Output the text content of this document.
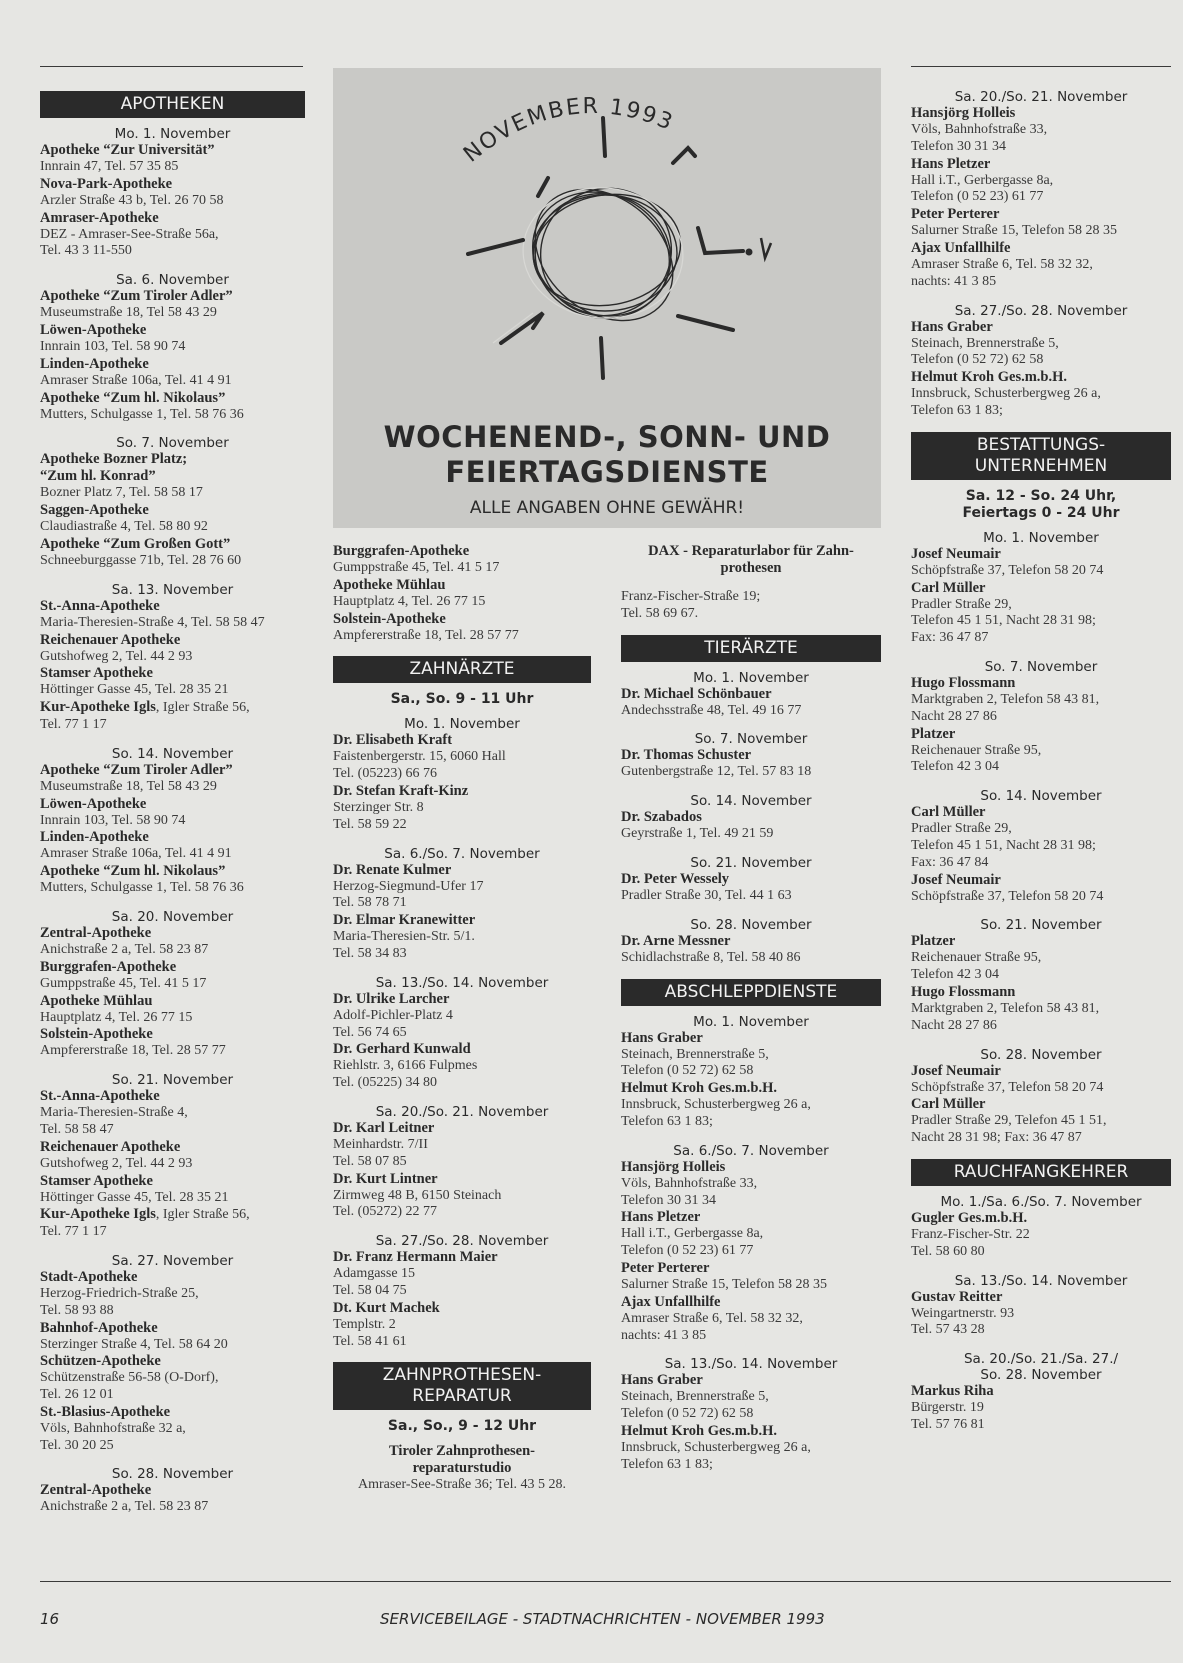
NOVEMBER 1993
WOCHENEND-, SONN- UND FEIERTAGSDIENSTE
ALLE ANGABEN OHNE GEWÄHR!
APOTHEKEN
Mo. 1. November
Apotheke “Zur Universität”
Innrain 47, Tel. 57 35 85
Nova-Park-Apotheke
Arzler Straße 43 b, Tel. 26 70 58
Amraser-Apotheke
DEZ - Amraser-See-Straße 56a,
Tel. 43 3 11-550
Sa. 6. November
Apotheke “Zum Tiroler Adler”
Museumstraße 18, Tel 58 43 29
Löwen-Apotheke
Innrain 103, Tel. 58 90 74
Linden-Apotheke
Amraser Straße 106a, Tel. 41 4 91
Apotheke “Zum hl. Nikolaus”
Mutters, Schulgasse 1, Tel. 58 76 36
So. 7. November
Apotheke Bozner Platz;
“Zum hl. Konrad”
Bozner Platz 7, Tel. 58 58 17
Saggen-Apotheke
Claudiastraße 4, Tel. 58 80 92
Apotheke “Zum Großen Gott”
Schneeburggasse 71b, Tel. 28 76 60
Sa. 13. November
St.-Anna-Apotheke
Maria-Theresien-Straße 4, Tel. 58 58 47
Reichenauer Apotheke
Gutshofweg 2, Tel. 44 2 93
Stamser Apotheke
Höttinger Gasse 45, Tel. 28 35 21
Kur-Apotheke Igls, Igler Straße 56,
Tel. 77 1 17
So. 14. November
Apotheke “Zum Tiroler Adler”
Museumstraße 18, Tel 58 43 29
Löwen-Apotheke
Innrain 103, Tel. 58 90 74
Linden-Apotheke
Amraser Straße 106a, Tel. 41 4 91
Apotheke “Zum hl. Nikolaus”
Mutters, Schulgasse 1, Tel. 58 76 36
Sa. 20. November
Zentral-Apotheke
Anichstraße 2 a, Tel. 58 23 87
Burggrafen-Apotheke
Gumppstraße 45, Tel. 41 5 17
Apotheke Mühlau
Hauptplatz 4, Tel. 26 77 15
Solstein-Apotheke
Ampfererstraße 18, Tel. 28 57 77
So. 21. November
St.-Anna-Apotheke
Maria-Theresien-Straße 4,
Tel. 58 58 47
Reichenauer Apotheke
Gutshofweg 2, Tel. 44 2 93
Stamser Apotheke
Höttinger Gasse 45, Tel. 28 35 21
Kur-Apotheke Igls, Igler Straße 56,
Tel. 77 1 17
Sa. 27. November
Stadt-Apotheke
Herzog-Friedrich-Straße 25,
Tel. 58 93 88
Bahnhof-Apotheke
Sterzinger Straße 4, Tel. 58 64 20
Schützen-Apotheke
Schützenstraße 56-58 (O-Dorf),
Tel. 26 12 01
St.-Blasius-Apotheke
Völs, Bahnhofstraße 32 a,
Tel. 30 20 25
So. 28. November
Zentral-Apotheke
Anichstraße 2 a, Tel. 58 23 87
Burggrafen-Apotheke
Gumppstraße 45, Tel. 41 5 17
Apotheke Mühlau
Hauptplatz 4, Tel. 26 77 15
Solstein-Apotheke
Ampfererstraße 18, Tel. 28 57 77
ZAHNÄRZTE
Sa., So. 9 - 11 Uhr
Mo. 1. November
Dr. Elisabeth Kraft
Faistenbergerstr. 15, 6060 Hall
Tel. (05223) 66 76
Dr. Stefan Kraft-Kinz
Sterzinger Str. 8
Tel. 58 59 22
Sa. 6./So. 7. November
Dr. Renate Kulmer
Herzog-Siegmund-Ufer 17
Tel. 58 78 71
Dr. Elmar Kranewitter
Maria-Theresien-Str. 5/1.
Tel. 58 34 83
Sa. 13./So. 14. November
Dr. Ulrike Larcher
Adolf-Pichler-Platz 4
Tel. 56 74 65
Dr. Gerhard Kunwald
Riehlstr. 3, 6166 Fulpmes
Tel. (05225) 34 80
Sa. 20./So. 21. November
Dr. Karl Leitner
Meinhardstr. 7/II
Tel. 58 07 85
Dr. Kurt Lintner
Zirmweg 48 B, 6150 Steinach
Tel. (05272) 22 77
Sa. 27./So. 28. November
Dr. Franz Hermann Maier
Adamgasse 15
Tel. 58 04 75
Dt. Kurt Machek
Templstr. 2
Tel. 58 41 61
ZAHNPROTHESEN-
REPARATUR
Sa., So., 9 - 12 Uhr
Tiroler Zahnprothesen-
reparaturstudio
Amraser-See-Straße 36; Tel. 43 5 28.
DAX - Reparaturlabor für Zahn-
prothesen
Franz-Fischer-Straße 19;
Tel. 58 69 67.
TIERÄRZTE
Mo. 1. November
Dr. Michael Schönbauer
Andechsstraße 48, Tel. 49 16 77
So. 7. November
Dr. Thomas Schuster
Gutenbergstraße 12, Tel. 57 83 18
So. 14. November
Dr. Szabados
Geyrstraße 1, Tel. 49 21 59
So. 21. November
Dr. Peter Wessely
Pradler Straße 30, Tel. 44 1 63
So. 28. November
Dr. Arne Messner
Schidlachstraße 8, Tel. 58 40 86
ABSCHLEPPDIENSTE
Mo. 1. November
Hans Graber
Steinach, Brennerstraße 5,
Telefon (0 52 72) 62 58
Helmut Kroh Ges.m.b.H.
Innsbruck, Schusterbergweg 26 a,
Telefon 63 1 83;
Sa. 6./So. 7. November
Hansjörg Holleis
Völs, Bahnhofstraße 33,
Telefon 30 31 34
Hans Pletzer
Hall i.T., Gerbergasse 8a,
Telefon (0 52 23) 61 77
Peter Perterer
Salurner Straße 15, Telefon 58 28 35
Ajax Unfallhilfe
Amraser Straße 6, Tel. 58 32 32,
nachts: 41 3 85
Sa. 13./So. 14. November
Hans Graber
Steinach, Brennerstraße 5,
Telefon (0 52 72) 62 58
Helmut Kroh Ges.m.b.H.
Innsbruck, Schusterbergweg 26 a,
Telefon 63 1 83;
Sa. 20./So. 21. November
Hansjörg Holleis
Völs, Bahnhofstraße 33,
Telefon 30 31 34
Hans Pletzer
Hall i.T., Gerbergasse 8a,
Telefon (0 52 23) 61 77
Peter Perterer
Salurner Straße 15, Telefon 58 28 35
Ajax Unfallhilfe
Amraser Straße 6, Tel. 58 32 32,
nachts: 41 3 85
Sa. 27./So. 28. November
Hans Graber
Steinach, Brennerstraße 5,
Telefon (0 52 72) 62 58
Helmut Kroh Ges.m.b.H.
Innsbruck, Schusterbergweg 26 a,
Telefon 63 1 83;
BESTATTUNGS-
UNTERNEHMEN
Sa. 12 - So. 24 Uhr,
Feiertags 0 - 24 Uhr
Mo. 1. November
Josef Neumair
Schöpfstraße 37, Telefon 58 20 74
Carl Müller
Pradler Straße 29,
Telefon 45 1 51, Nacht 28 31 98;
Fax: 36 47 87
So. 7. November
Hugo Flossmann
Marktgraben 2, Telefon 58 43 81,
Nacht 28 27 86
Platzer
Reichenauer Straße 95,
Telefon 42 3 04
So. 14. November
Carl Müller
Pradler Straße 29,
Telefon 45 1 51, Nacht 28 31 98;
Fax: 36 47 84
Josef Neumair
Schöpfstraße 37, Telefon 58 20 74
So. 21. November
Platzer
Reichenauer Straße 95,
Telefon 42 3 04
Hugo Flossmann
Marktgraben 2, Telefon 58 43 81,
Nacht 28 27 86
So. 28. November
Josef Neumair
Schöpfstraße 37, Telefon 58 20 74
Carl Müller
Pradler Straße 29, Telefon 45 1 51,
Nacht 28 31 98; Fax: 36 47 87
RAUCHFANGKEHRER
Mo. 1./Sa. 6./So. 7. November
Gugler Ges.m.b.H.
Franz-Fischer-Str. 22
Tel. 58 60 80
Sa. 13./So. 14. November
Gustav Reitter
Weingartnerstr. 93
Tel. 57 43 28
Sa. 20./So. 21./Sa. 27./
So. 28. November
Markus Riha
Bürgerstr. 19
Tel. 57 76 81
16	SERVICEBEILAGE - STADTNACHRICHTEN - NOVEMBER 1993
